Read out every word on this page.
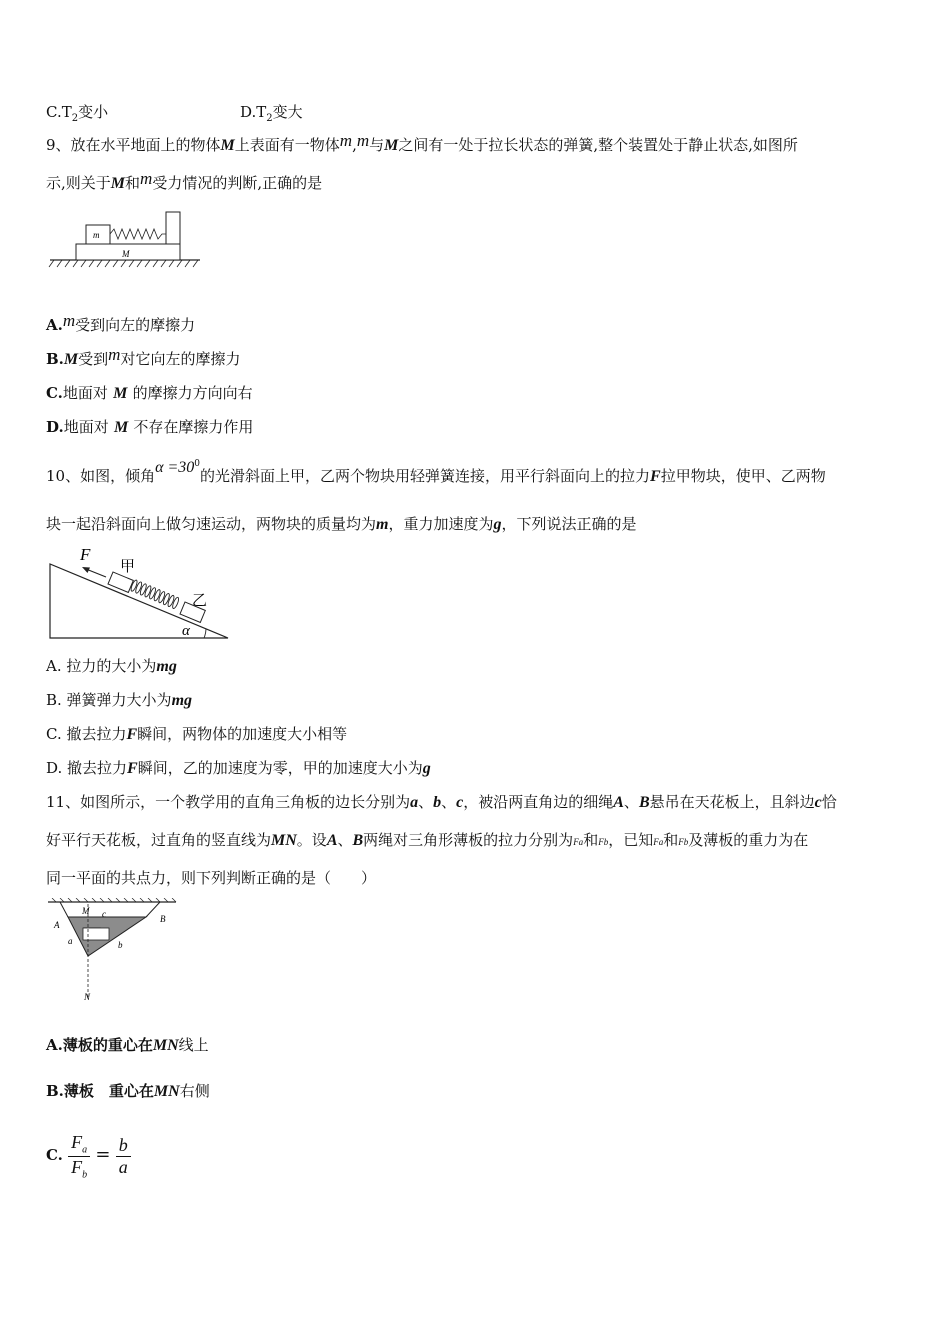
$C.T_2$变小	$D.T_2$变大
9、放在水平地面上的物体M上表面有一物体m,m与M之间有一处于拉长状态的弹簧,整个装置处于静止状态,如图所
示,则关于M和m受力情况的判断,正确的是
m
M
A.m受到向左的摩擦力
B.M受到m对它向左的摩擦力
C.地面对 M 的摩擦力方向向右
D.地面对 M 不存在摩擦力作用
10、如图，倾角$\alpha =30^0$的光滑斜面上甲，乙两个物块用轻弹簧连接，用平行斜面向上的拉力F拉甲物块，使甲、乙两物
块一起沿斜面向上做匀速运动，两物块的质量均为m，重力加速度为g，下列说法正确的是
F
甲
乙
α
A. 拉力的大小为mg
B. 弹簧弹力大小为mg
C. 撤去拉力F瞬间，两物体的加速度大小相等
D. 撤去拉力F瞬间，乙的加速度为零，甲的加速度大小为g
11、如图所示，一个教学用的直角三角板的边长分别为a、b、c，被沿两直角边的细绳A、B悬吊在天花板上，且斜边c恰
好平行天花板，过直角的竖直线为MN。设A、B两绳对三角形薄板的拉力分别为Fa和Fb，已知Fa和Fb及薄板的重力为在
同一平面的共点力，则下列判断正确的是（　　）
M c
A
B
a	b
N
A.薄板的重心在MN线上
B.薄板　重心在MN右侧
C. $\frac{F_a}{F_b} = \frac{b}{a}$
